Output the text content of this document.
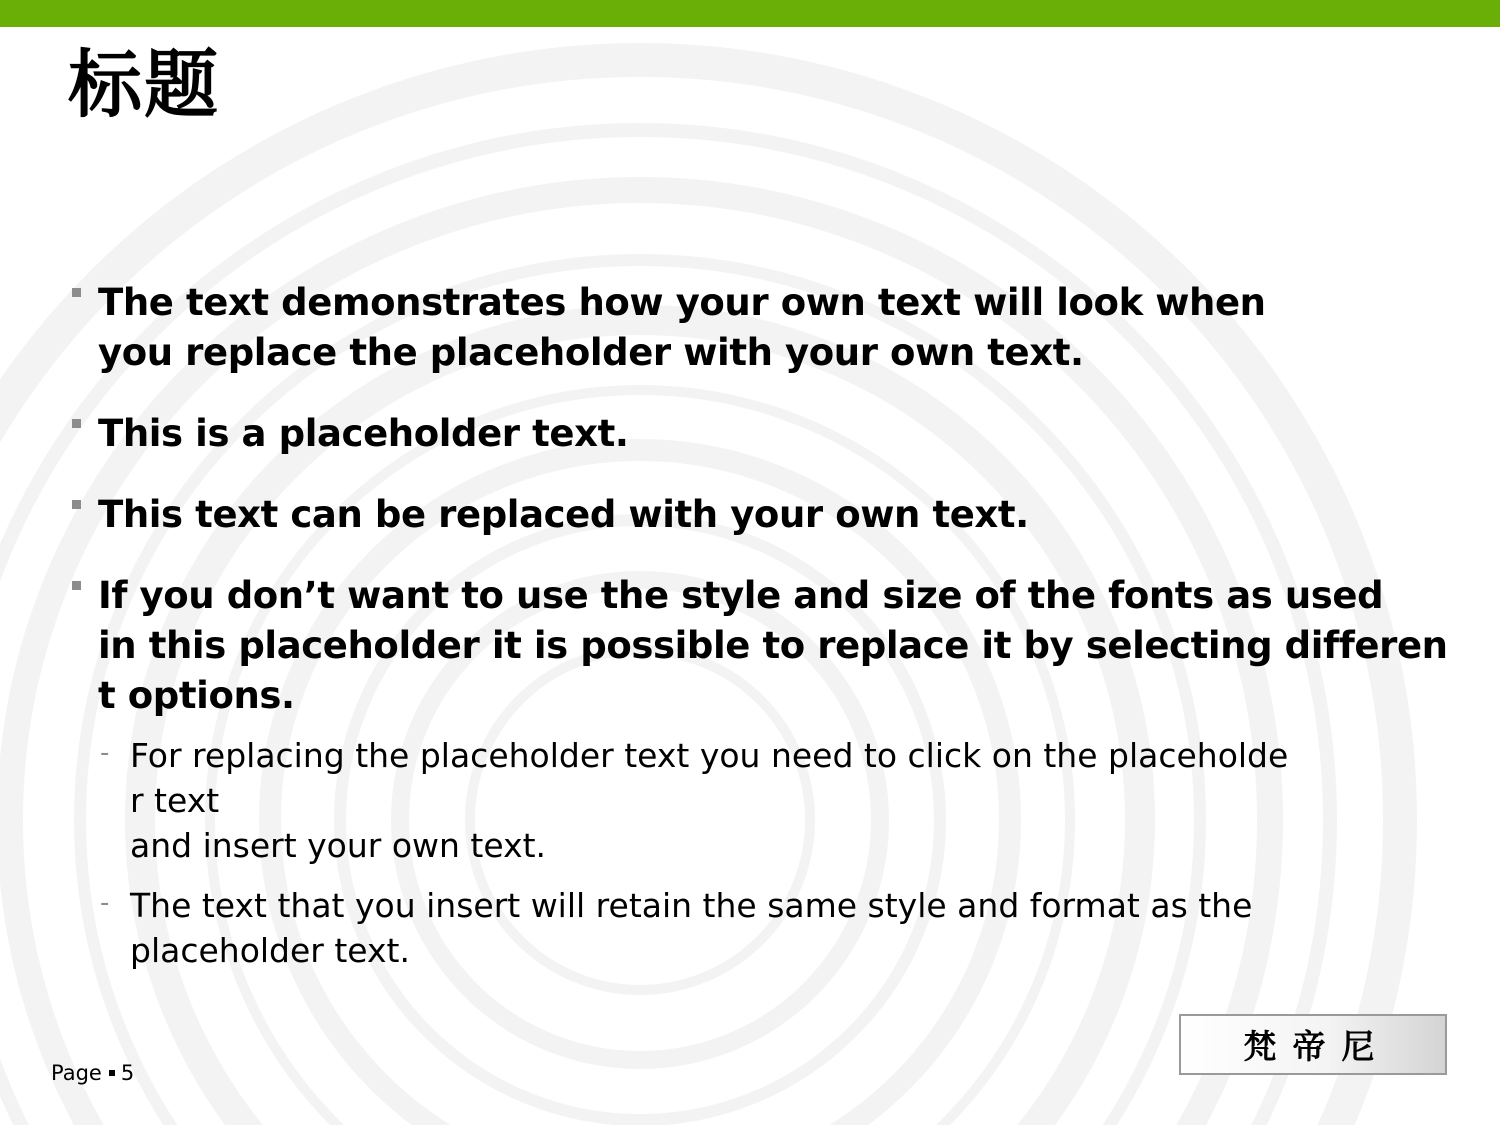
标题
The text demonstrates how your own text will look when
you replace the placeholder with your own text.
This is a placeholder text.
This text can be replaced with your own text.
If you don’t want to use the style and size of the fonts as used
in this placeholder it is possible to replace it by selecting differen
t options.
- For replacing the placeholder text you need to click on the placeholde
r text
and insert your own text.
- The text that you insert will retain the same style and format as the
placeholder text.
Page 5
梵帝尼
